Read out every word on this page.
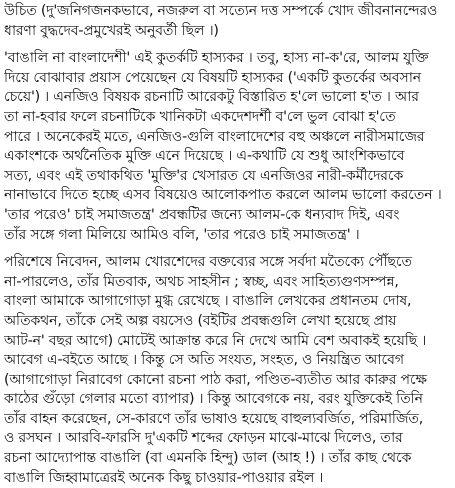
উচিত (দু'জনিগজনকভাবে, নজরুল বা সত্যেন দত্ত সম্পর্কে খোদ জীবনানন্দেরও
ধারণা বুদ্ধদেব-প্রমুখেরই অনুবর্তী ছিল ।)
'বাঙালি না বাংলাদেশী' এই কুতর্কটি হাস্যকর । তবু, হাস্য না-ক'রে, আলম যুক্তি
দিয়ে বোঝাবার প্রয়াস পেয়েছেন যে বিষয়টি হাস্যকর ('একটি কুতর্কের অবসান
চেয়ে') । এনজিও বিষয়ক রচনাটি আরেকটু বিস্তারিত হ'লে ভালো হ'ত । আর
তা না-হবার ফলে রচনাটিকে খানিকটা একদেশদর্শী ব'লে ভুল বোঝা হ'তে
পারে । অনেকেরই মতে, এনজিও-গুলি বাংলাদেশের বহু অঞ্চলে নারীসমাজের
একাংশকে অর্থনৈতিক মুক্তি এনে দিয়েছে । এ-কথাটি যে শুধু আংশিকভাবে
সত্য, এবং এই তথাকথিত 'মুক্তি'র খেসারত যে এনজিওর নারী-কর্মীদেরকে
নানাভাবে দিতে হচ্ছে এসব বিষয়েও আলোকপাত করলে আলম ভালো করতেন ।
'তার পরেও' চাই সমাজতন্ত্র' প্রবন্ধটির জন্যে আলম-কে ধন্যবাদ দিই, এবং
তাঁর সঙ্গে গলা মিলিয়ে আমিও বলি, 'তার পরেও চাই সমাজতন্ত্র' ।
পরিশেষে নিবেদন, আলম খোরশেদের বক্তব্যের সঙ্গে সর্বদা মতৈক্যে পৌঁছতে
না-পারলেও, তাঁর মিতবাক, অথচ সাহসীন ; স্বচ্ছ, এবং সাহিত্যগুণসম্পন্ন,
বাংলা আমাকে আগাগোড়া মুগ্ধ রেখেছে । বাঙালি লেখকের প্রধানতম দোষ,
অতিকথন, তাঁকে সেই অল্প বয়সেও (বইটির প্রবন্ধগুলি লেখা হয়েছে প্রায়
আট-ন' বছর আগে) মোটেই আক্রান্ত করে নি দেখে আমি বেশ অবাকই হয়েছি ।
আবেগ এ-বইতে আছে । কিন্তু সে অতি সংযত, সংহত, ও নিয়ন্ত্রিত আবেগ
(আগাগোড়া নিরাবেগ কোনো রচনা পাঠ করা, পণ্ডিত-ব্যতীত আর কারুর পক্ষে
কাঠের গুঁড়ো গেলার মতো ব্যাপার) । কিন্তু আবেগকে নয়, বরং যুক্তিকেই তিনি
তাঁর বাহন করেছেন, সে-কারণে তাঁর ভাষাও হয়েছে বাহুল্যবর্জিত, পরিমার্জিত,
ও রসঘন । আরবি-ফারসি দু'একটি শব্দের ফোড়ন মাঝে-মাঝে দিলেও, তার
রচনা আদ্যোপান্ত বাঙালি (বা এমনকি হিন্দু) ডাল (আহ !) । তাঁর কাছ থেকে
বাঙালি জিহ্বামাত্রেরই অনেক কিছু চাওয়ার-পাওয়ার রইল ।
